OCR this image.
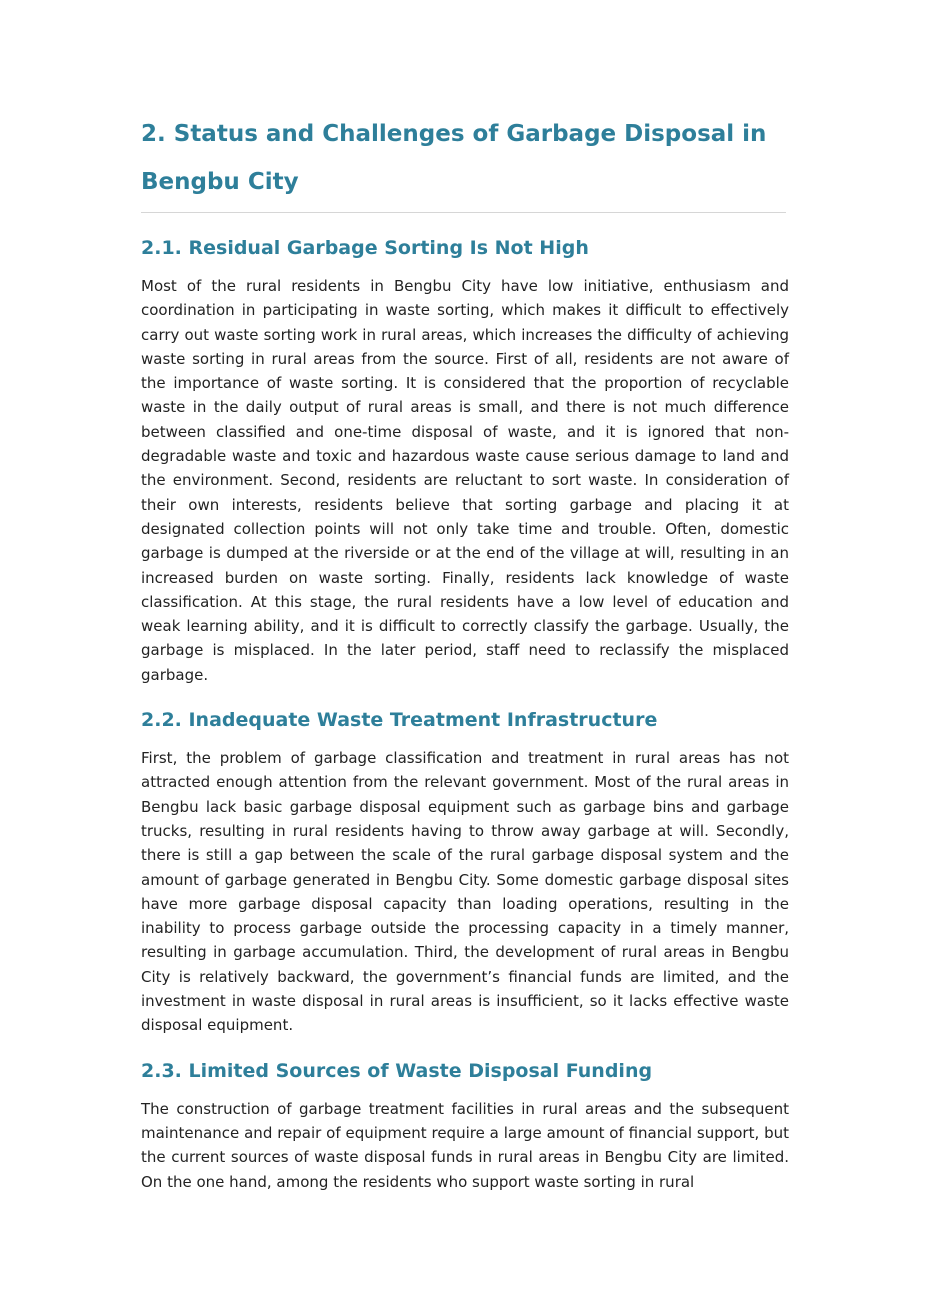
2. Status and Challenges of Garbage Disposal in Bengbu City
2.1. Residual Garbage Sorting Is Not High

Most of the rural residents in Bengbu City have low initiative, enthusiasm and coordination in participating in waste sorting, which makes it difficult to effectively carry out waste sorting work in rural areas, which increases the difficulty of achieving waste sorting in rural areas from the source. First of all, residents are not aware of the importance of waste sorting. It is considered that the proportion of recyclable waste in the daily output of rural areas is small, and there is not much difference between classified and one-time disposal of waste, and it is ignored that non-degradable waste and toxic and hazardous waste cause serious damage to land and the environment. Second, residents are reluctant to sort waste. In consideration of their own interests, residents believe that sorting garbage and placing it at designated collection points will not only take time and trouble. Often, domestic garbage is dumped at the riverside or at the end of the village at will, resulting in an increased burden on waste sorting. Finally, residents lack knowledge of waste classification. At this stage, the rural residents have a low level of education and weak learning ability, and it is difficult to correctly classify the garbage. Usually, the garbage is misplaced. In the later period, staff need to reclassify the misplaced garbage.

2.2. Inadequate Waste Treatment Infrastructure

First, the problem of garbage classification and treatment in rural areas has not attracted enough attention from the relevant government. Most of the rural areas in Bengbu lack basic garbage disposal equipment such as garbage bins and garbage trucks, resulting in rural residents having to throw away garbage at will. Secondly, there is still a gap between the scale of the rural garbage disposal system and the amount of garbage generated in Bengbu City. Some domestic garbage disposal sites have more garbage disposal capacity than loading operations, resulting in the inability to process garbage outside the processing capacity in a timely manner, resulting in garbage accumulation. Third, the development of rural areas in Bengbu City is relatively backward, the government’s financial funds are limited, and the investment in waste disposal in rural areas is insufficient, so it lacks effective waste disposal equipment.

2.3. Limited Sources of Waste Disposal Funding

The construction of garbage treatment facilities in rural areas and the subsequent maintenance and repair of equipment require a large amount of financial support, but the current sources of waste disposal funds in rural areas in Bengbu City are limited. On the one hand, among the residents who support waste sorting in rural
